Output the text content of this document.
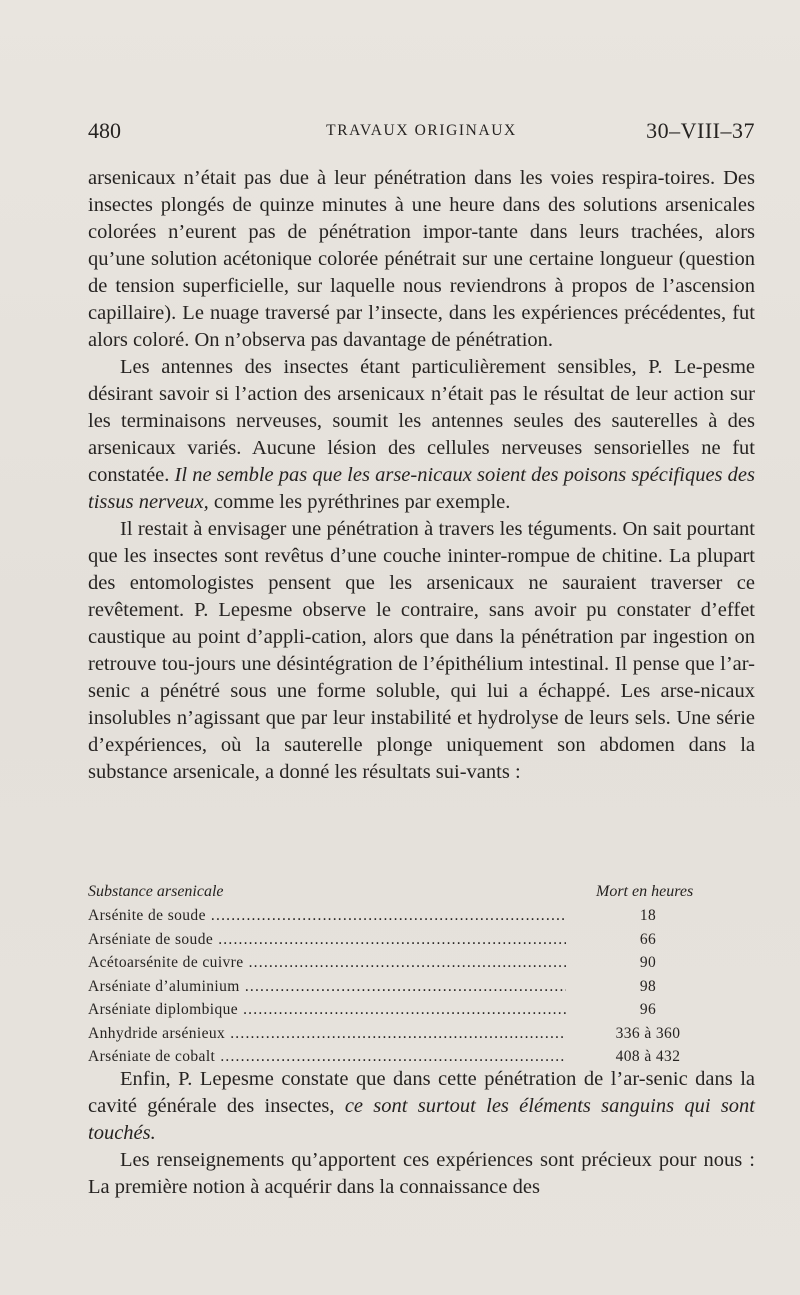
480	TRAVAUX ORIGINAUX	30–VIII–37

arsenicaux n’était pas due à leur pénétration dans les voies respira-toires. Des insectes plongés de quinze minutes à une heure dans des solutions arsenicales colorées n’eurent pas de pénétration impor-tante dans leurs trachées, alors qu’une solution acétonique colorée pénétrait sur une certaine longueur (question de tension superficielle, sur laquelle nous reviendrons à propos de l’ascension capillaire). Le nuage traversé par l’insecte, dans les expériences précédentes, fut alors coloré. On n’observa pas davantage de pénétration.

Les antennes des insectes étant particulièrement sensibles, P. Le-pesme désirant savoir si l’action des arsenicaux n’était pas le résultat de leur action sur les terminaisons nerveuses, soumit les antennes seules des sauterelles à des arsenicaux variés. Aucune lésion des cellules nerveuses sensorielles ne fut constatée. Il ne semble pas que les arse-nicaux soient des poisons spécifiques des tissus nerveux, comme les pyréthrines par exemple.

Il restait à envisager une pénétration à travers les téguments. On sait pourtant que les insectes sont revêtus d’une couche ininter-rompue de chitine. La plupart des entomologistes pensent que les arsenicaux ne sauraient traverser ce revêtement. P. Lepesme observe le contraire, sans avoir pu constater d’effet caustique au point d’appli-cation, alors que dans la pénétration par ingestion on retrouve tou-jours une désintégration de l’épithélium intestinal. Il pense que l’ar-senic a pénétré sous une forme soluble, qui lui a échappé. Les arse-nicaux insolubles n’agissant que par leur instabilité et hydrolyse de leurs sels. Une série d’expériences, où la sauterelle plonge uniquement son abdomen dans la substance arsenicale, a donné les résultats sui-vants :

Substance arsenicale	Mort en heures
Arsénite de soude .....	18
Arséniate de soude .....	66
Acétoarsénite de cuivre .....	90
Arséniate d’aluminium .....	98
Arséniate diplombique .....	96
Anhydride arsénieux .....	336 à 360
Arséniate de cobalt .....	408 à 432

Enfin, P. Lepesme constate que dans cette pénétration de l’ar-senic dans la cavité générale des insectes, ce sont surtout les éléments sanguins qui sont touchés.

Les renseignements qu’apportent ces expériences sont précieux pour nous : La première notion à acquérir dans la connaissance des
